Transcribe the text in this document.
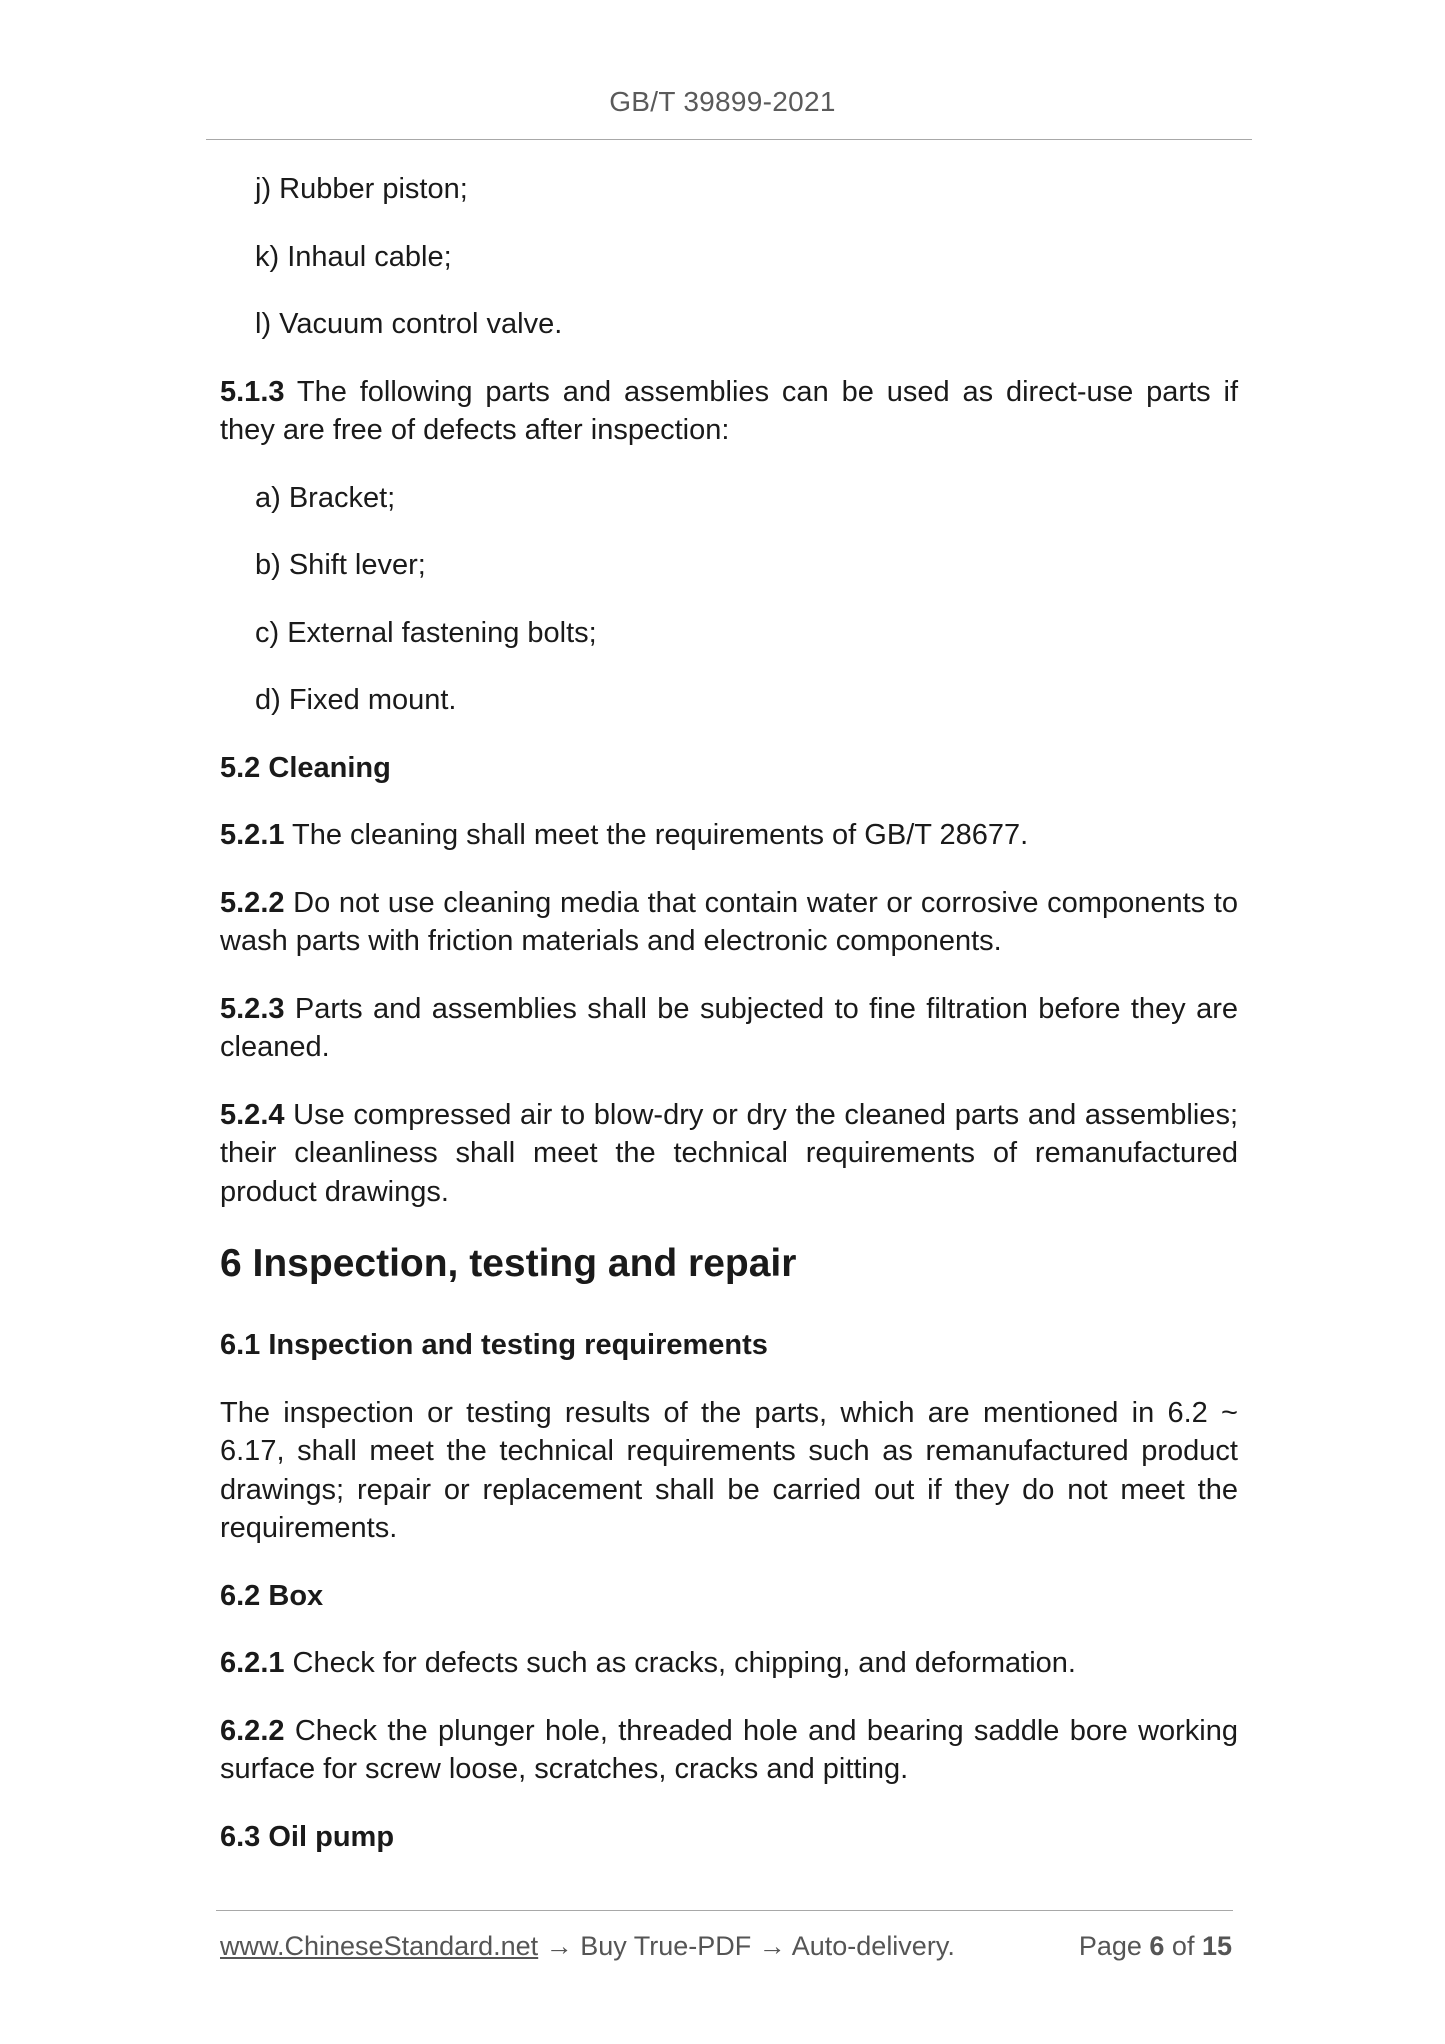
GB/T 39899-2021
j) Rubber piston;
k) Inhaul cable;
l) Vacuum control valve.
5.1.3 The following parts and assemblies can be used as direct-use parts if they are free of defects after inspection:
a) Bracket;
b) Shift lever;
c) External fastening bolts;
d) Fixed mount.
5.2 Cleaning
5.2.1 The cleaning shall meet the requirements of GB/T 28677.
5.2.2 Do not use cleaning media that contain water or corrosive components to wash parts with friction materials and electronic components.
5.2.3 Parts and assemblies shall be subjected to fine filtration before they are cleaned.
5.2.4 Use compressed air to blow-dry or dry the cleaned parts and assemblies; their cleanliness shall meet the technical requirements of remanufactured product drawings.
6 Inspection, testing and repair
6.1 Inspection and testing requirements
The inspection or testing results of the parts, which are mentioned in 6.2 ~ 6.17, shall meet the technical requirements such as remanufactured product drawings; repair or replacement shall be carried out if they do not meet the requirements.
6.2 Box
6.2.1 Check for defects such as cracks, chipping, and deformation.
6.2.2 Check the plunger hole, threaded hole and bearing saddle bore working surface for screw loose, scratches, cracks and pitting.
6.3 Oil pump
www.ChineseStandard.net → Buy True-PDF → Auto-delivery.	Page 6 of 15
